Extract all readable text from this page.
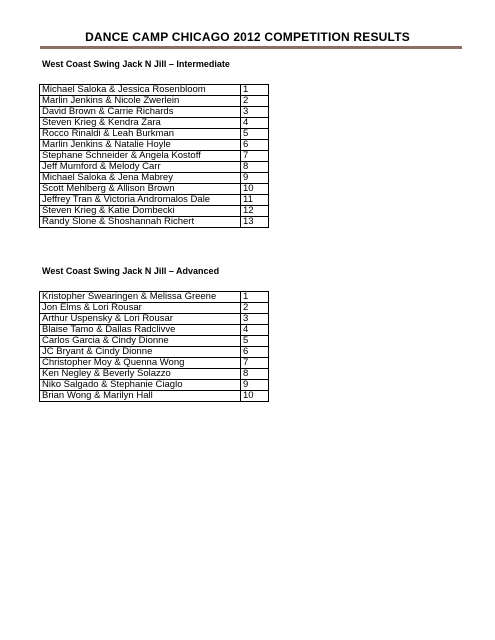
DANCE CAMP CHICAGO 2012 COMPETITION RESULTS
West Coast Swing Jack N Jill – Intermediate
Michael Saloka & Jessica Rosenbloom	1
Marlin Jenkins & Nicole Zwerlein	2
David Brown & Carrie Richards	3
Steven Krieg & Kendra Zara	4
Rocco Rinaldi & Leah Burkman	5
Marlin Jenkins & Natalie Hoyle	6
Stephane Schneider & Angela Kostoff	7
Jeff Mumford & Melody Carr	8
Michael Saloka & Jena Mabrey	9
Scott Mehlberg & Allison Brown	10
Jeffrey Tran & Victoria Andromalos Dale	11
Steven Krieg & Katie Dombecki	12
Randy Slone & Shoshannah Richert	13
West Coast Swing Jack N Jill – Advanced
Kristopher Swearingen & Melissa Greene	1
Jon Elms & Lori Rousar	2
Arthur Uspensky & Lori Rousar	3
Blaise Tamo & Dallas Radclivve	4
Carlos Garcia & Cindy Dionne	5
JC Bryant & Cindy Dionne	6
Christopher Moy & Quenna Wong	7
Ken Negley & Beverly Solazzo	8
Niko Salgado & Stephanie Ciaglo	9
Brian Wong & Marilyn Hall	10
